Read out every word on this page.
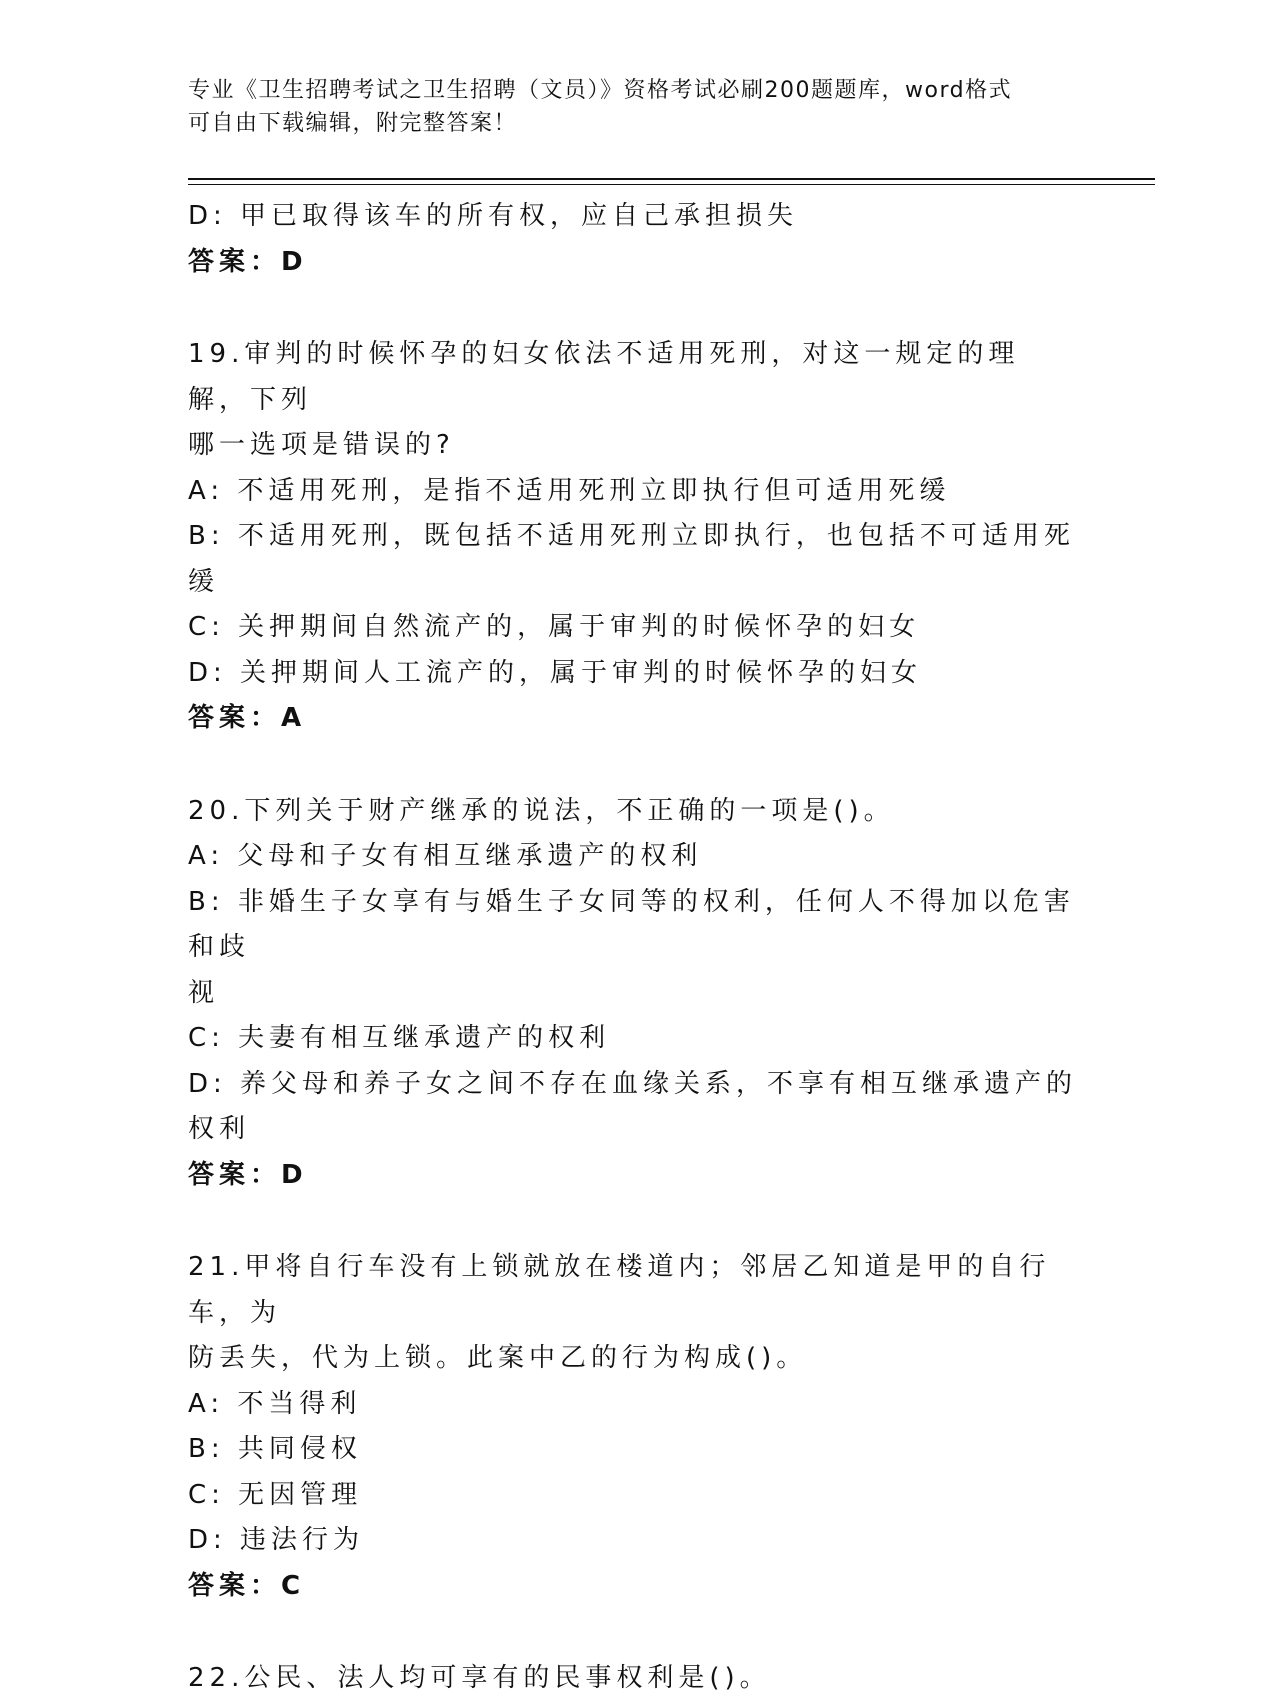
专业《卫生招聘考试之卫生招聘（文员）》资格考试必刷200题题库，word格式
可自由下载编辑，附完整答案！
D: 甲已取得该车的所有权，应自己承担损失
答案：D
19.审判的时候怀孕的妇女依法不适用死刑，对这一规定的理解，下列
哪一选项是错误的?
A: 不适用死刑，是指不适用死刑立即执行但可适用死缓
B: 不适用死刑，既包括不适用死刑立即执行，也包括不可适用死缓
C: 关押期间自然流产的，属于审判的时候怀孕的妇女
D: 关押期间人工流产的，属于审判的时候怀孕的妇女
答案：A
20.下列关于财产继承的说法，不正确的一项是()。
A: 父母和子女有相互继承遗产的权利
B: 非婚生子女享有与婚生子女同等的权利，任何人不得加以危害和歧
视
C: 夫妻有相互继承遗产的权利
D: 养父母和养子女之间不存在血缘关系，不享有相互继承遗产的权利
答案：D
21.甲将自行车没有上锁就放在楼道内；邻居乙知道是甲的自行车，为
防丢失，代为上锁。此案中乙的行为构成()。
A: 不当得利
B: 共同侵权
C: 无因管理
D: 违法行为
答案：C
22.公民、法人均可享有的民事权利是()。
